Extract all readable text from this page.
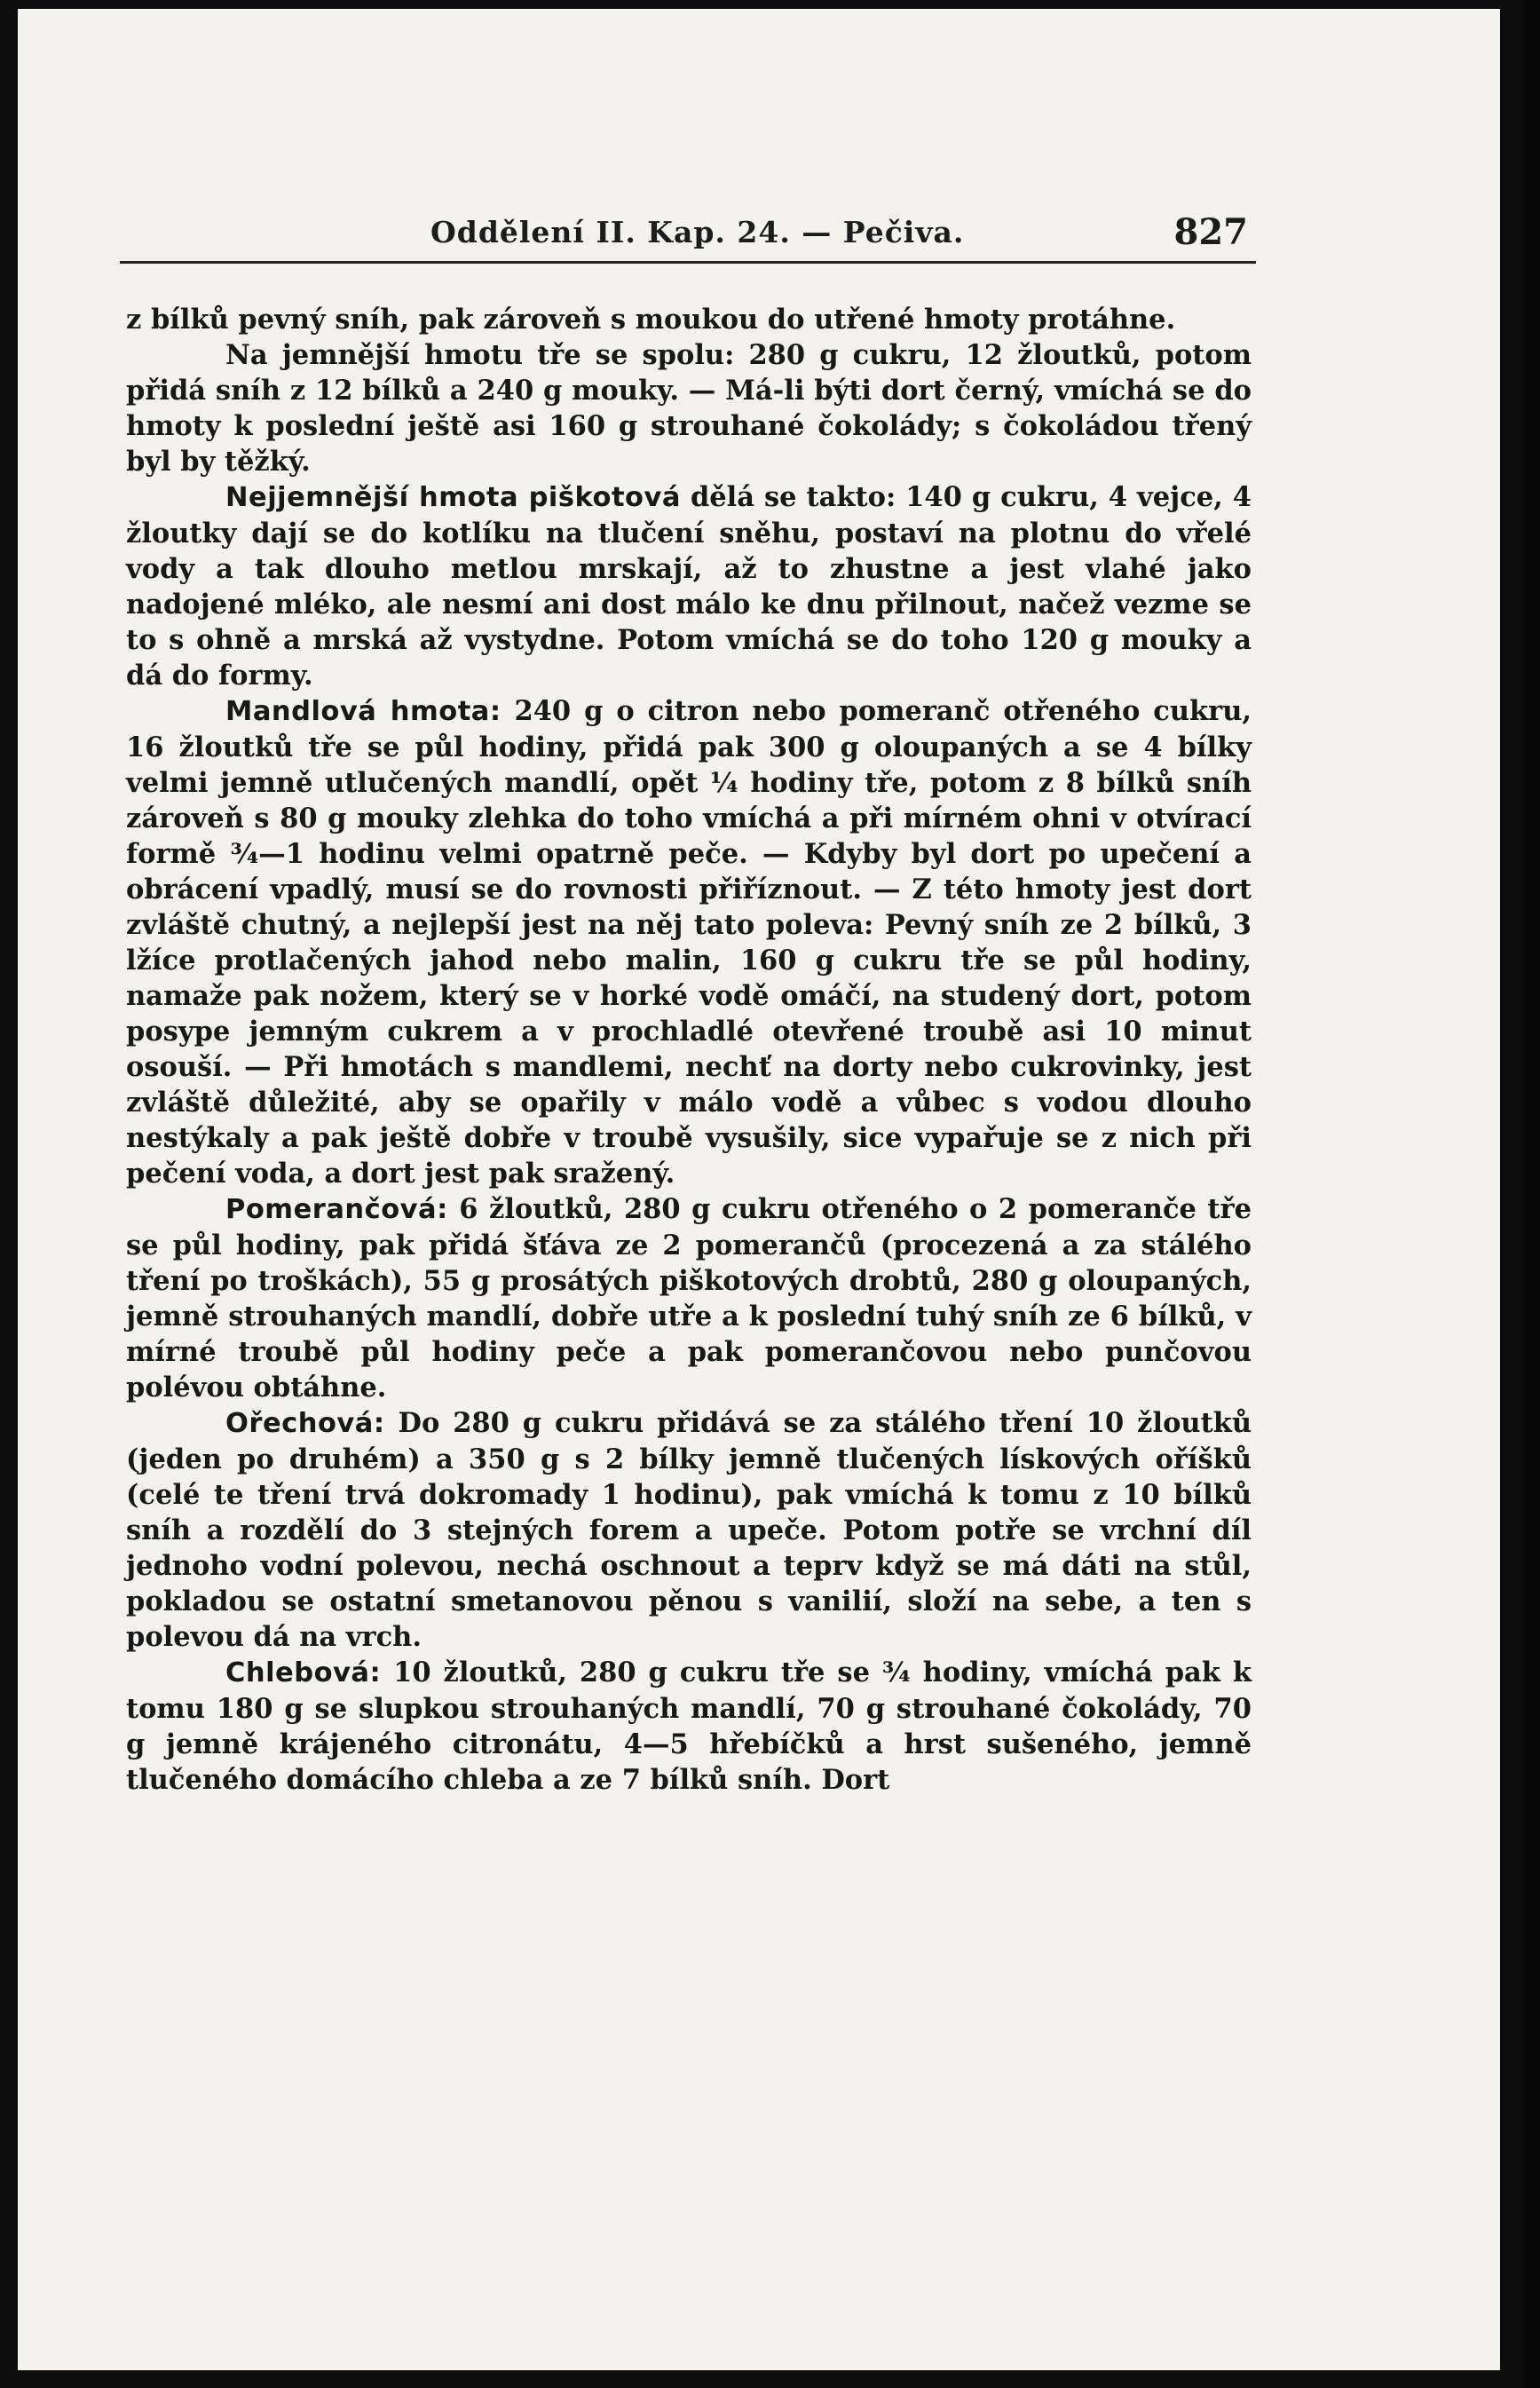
Oddělení II. Kap. 24. — Pečiva.	827

z bílků pevný sníh, pak zároveň s moukou do utřené hmoty protáhne.

Na jemnější hmotu tře se spolu: 280 g cukru, 12 žloutků, potom přidá sníh z 12 bílků a 240 g mouky. — Má-li býti dort černý, vmíchá se do hmoty k poslední ještě asi 160 g strouhané čokolády; s čokoládou třený byl by těžký.

Nejjemnější hmota piškotová dělá se takto: 140 g cukru, 4 vejce, 4 žloutky dají se do kotlíku na tlučení sněhu, postaví na plotnu do vřelé vody a tak dlouho metlou mrskají, až to zhustne a jest vlahé jako nadojené mléko, ale nesmí ani dost málo ke dnu přilnout, načež vezme se to s ohně a mrská až vystydne. Potom vmíchá se do toho 120 g mouky a dá do formy.

Mandlová hmota: 240 g o citron nebo pomeranč otřeného cukru, 16 žloutků tře se půl hodiny, přidá pak 300 g oloupaných a se 4 bílky velmi jemně utlučených mandlí, opět ¼ hodiny tře, potom z 8 bílků sníh zároveň s 80 g mouky zlehka do toho vmíchá a při mírném ohni v otvírací formě ¾—1 hodinu velmi opatrně peče. — Kdyby byl dort po upečení a obrácení vpadlý, musí se do rovnosti přiříznout. — Z této hmoty jest dort zvláště chutný, a nejlepší jest na něj tato poleva: Pevný sníh ze 2 bílků, 3 lžíce protlačených jahod nebo malin, 160 g cukru tře se půl hodiny, namaže pak nožem, který se v horké vodě omáčí, na studený dort, potom posype jemným cukrem a v prochladlé otevřené troubě asi 10 minut osouší. — Při hmotách s mandlemi, nechť na dorty nebo cukrovinky, jest zvláště důležité, aby se opařily v málo vodě a vůbec s vodou dlouho nestýkaly a pak ještě dobře v troubě vysušily, sice vypařuje se z nich při pečení voda, a dort jest pak sražený.

Pomerančová: 6 žloutků, 280 g cukru otřeného o 2 pomeranče tře se půl hodiny, pak přidá šťáva ze 2 pomerančů (procezená a za stálého tření po troškách), 55 g prosátých piškotových drobtů, 280 g oloupaných, jemně strouhaných mandlí, dobře utře a k poslední tuhý sníh ze 6 bílků, v mírné troubě půl hodiny peče a pak pomerančovou nebo punčovou polévou obtáhne.

Ořechová: Do 280 g cukru přidává se za stálého tření 10 žloutků (jeden po druhém) a 350 g s 2 bílky jemně tlučených lískových oříšků (celé te tření trvá dokromady 1 hodinu), pak vmíchá k tomu z 10 bílků sníh a rozdělí do 3 stejných forem a upeče. Potom potře se vrchní díl jednoho vodní polevou, nechá oschnout a teprv když se má dáti na stůl, pokladou se ostatní smetanovou pěnou s vanilií, složí na sebe, a ten s polevou dá na vrch.

Chlebová: 10 žloutků, 280 g cukru tře se ¾ hodiny, vmíchá pak k tomu 180 g se slupkou strouhaných mandlí, 70 g strouhané čokolády, 70 g jemně krájeného citronátu, 4—5 hřebíčků a hrst sušeného, jemně tlučeného domácího chleba a ze 7 bílků sníh. Dort
